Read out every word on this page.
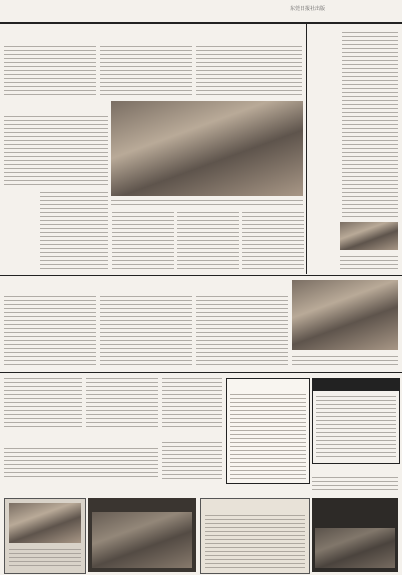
东莞日报社出版
